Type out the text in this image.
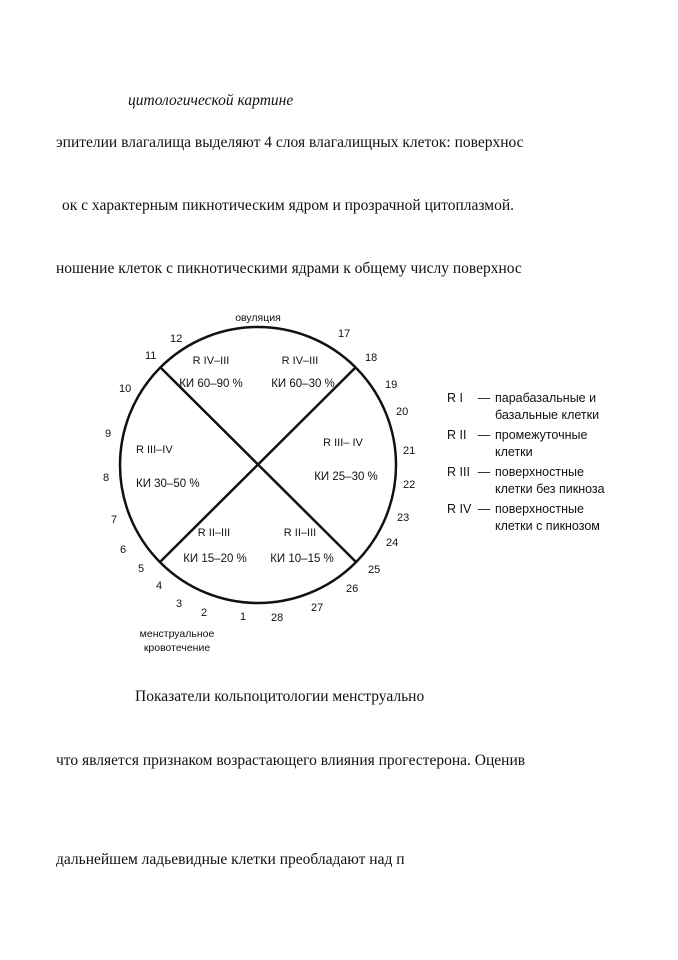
цитологической картине
эпителии влагалища выделяют 4 слоя влагалищных клеток: поверхнос
ок с характерным пикнотическим ядром и прозрачной цитоплазмой.
ношение клеток с пикнотическими ядрами к общему числу поверхнос
овуляция
менструальное
кровотечение
1
2
3
4
5
6
7
8
9
10
11
12	17
18
19
20
21
22
23
24
25
26
27
28
R IV–III
КИ 60–90 %
R IV–III
КИ 60–30 %
R III–IV
КИ 30–50 %
R III– IV
КИ 25–30 %
R II–III
КИ 15–20 %
R II–III
КИ 10–15 %
R I	— парабазальные и
базальные клетки
R II — промежуточные
клетки
R III — поверхностные
клетки без пикноза
R IV — поверхностные
клетки с пикнозом
Показатели кольпоцитологии менструально
что является признаком возрастающего влияния прогестерона. Оценив
дальнейшем ладьевидные клетки преобладают над п
